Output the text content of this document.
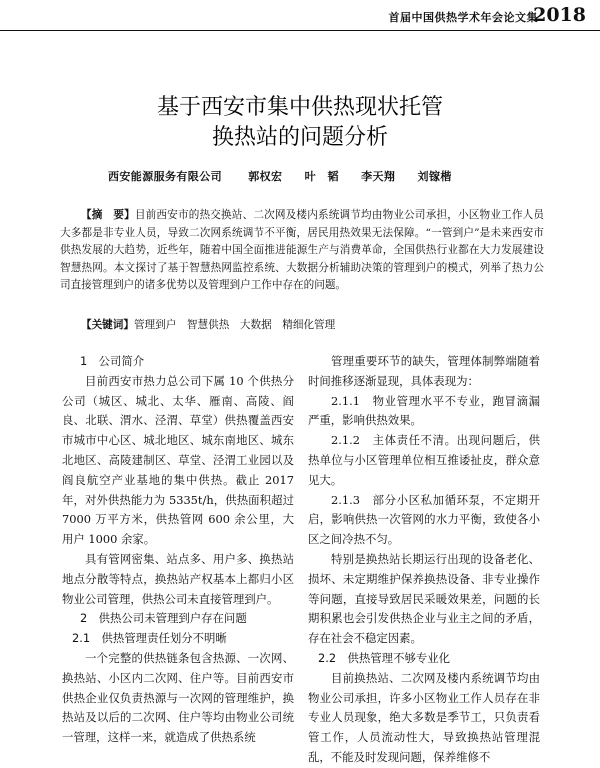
首届中国供热学术年会论文集
2018
基于西安市集中供热现状托管
换热站的问题分析
西安能源服务有限公司 郭权宏 叶　韬 李天翔 刘镓楷
【摘　要】目前西安市的热交换站、二次网及楼内系统调节均由物业公司承担，小区物业工作人员大多都是非专业人员，导致二次网系统调节不平衡，居民用热效果无法保障。“一管到户”是未来西安市供热发展的大趋势，近些年，随着中国全面推进能源生产与消费革命，全国供热行业都在大力发展建设智慧热网。本文探讨了基于智慧热网监控系统、大数据分析辅助决策的管理到户的模式，列举了热力公司直接管理到户的诸多优势以及管理到户工作中存在的问题。
【关键词】管理到户　智慧供热　大数据　精细化管理

1　公司简介

目前西安市热力总公司下属 10 个供热分公司（城区、城北、太华、雁南、高陵、阎良、北联、渭水、泾渭、草堂）供热覆盖西安市城市中心区、城北地区、城东南地区、城东北地区、高陵建制区、草堂、泾渭工业园以及阎良航空产业基地的集中供热。截止 2017 年，对外供热能力为 5335t/h，供热面积超过 7000 万平方米，供热管网 600 余公里，大用户 1000 余家。

具有管网密集、站点多、用户多、换热站地点分散等特点，换热站产权基本上都归小区物业公司管理，供热公司未直接管理到户。

2　供热公司未管理到户存在问题

2.1　供热管理责任划分不明晰

一个完整的供热链条包含热源、一次网、换热站、小区内二次网、住户等。目前西安市供热企业仅负责热源与一次网的管理维护，换热站及以后的二次网、住户等均由物业公司统一管理，这样一来，就造成了供热系统

管理重要环节的缺失，管理体制弊端随着时间推移逐渐显现，具体表现为：

2.1.1　物业管理水平不专业，跑冒滴漏严重，影响供热效果。

2.1.2　主体责任不清。出现问题后，供热单位与小区管理单位相互推诿扯皮，群众意见大。

2.1.3　部分小区私加循环泵，不定期开启，影响供热一次管网的水力平衡，致使各小区之间冷热不匀。

特别是换热站长期运行出现的设备老化、损坏、未定期维护保养换热设备、非专业操作等问题，直接导致居民采暖效果差，问题的长期积累也会引发供热企业与业主之间的矛盾，存在社会不稳定因素。

2.2　供热管理不够专业化

目前换热站、二次网及楼内系统调节均由物业公司承担，许多小区物业工作人员存在非专业人员现象，绝大多数是季节工，只负责看管工作，人员流动性大，导致换热站管理混乱，不能及时发现问题，保养维修不
